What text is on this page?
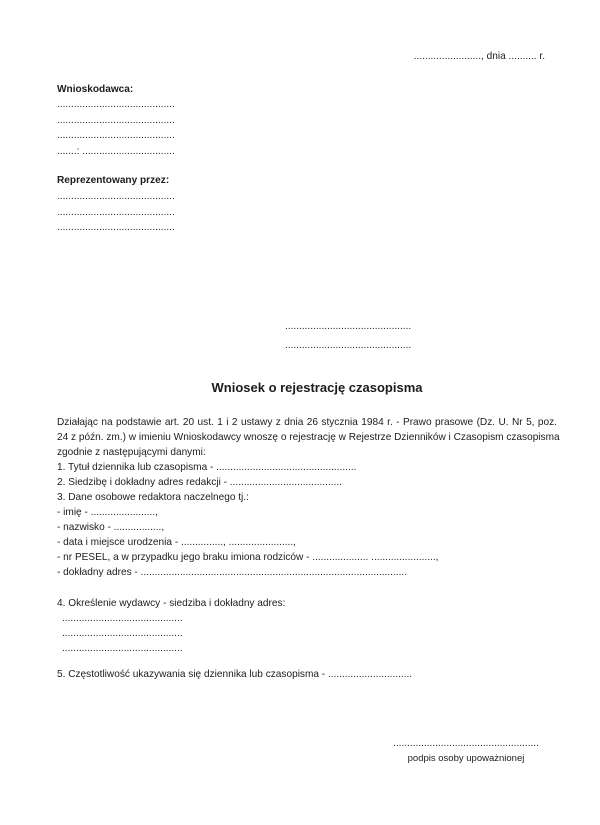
........................, dnia .......... r.
Wnioskodawca:
..........................................
..........................................
..........................................
.......: .................................
Reprezentowany przez:
..........................................
..........................................
..........................................
.............................................
.............................................
Wniosek o rejestrację czasopisma
Działając na podstawie art. 20 ust. 1 i 2 ustawy z dnia 26 stycznia 1984 r. - Prawo prasowe (Dz. U. Nr 5, poz.
24 z późn. zm.) w imieniu Wnioskodawcy wnoszę o rejestrację w Rejestrze Dzienników i Czasopism czasopisma
zgodnie z następującymi danymi:
1. Tytuł dziennika lub czasopisma - ..................................................
2. Siedzibę i dokładny adres redakcji - ........................................
3. Dane osobowe redaktora naczelnego tj.:
- imię - .......................,
- nazwisko - .................,
- data i miejsce urodzenia - ..............., .......................,
- nr PESEL, a w przypadku jego braku imiona rodziców - .................... .......................,
- dokładny adres - ...............................................................................................
4. Określenie wydawcy - siedziba i dokładny adres:
...........................................
...........................................
...........................................
5. Częstotliwość ukazywania się dziennika lub czasopisma - ..............................
....................................................
podpis osoby upoważnionej
